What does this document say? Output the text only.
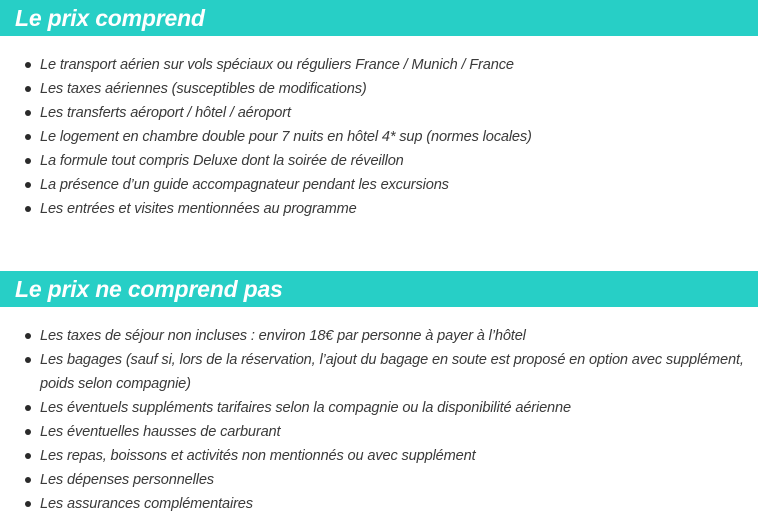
Le prix comprend
Le transport aérien sur vols spéciaux ou réguliers France / Munich / France
Les taxes aériennes (susceptibles de modifications)
Les transferts aéroport / hôtel / aéroport
Le logement en chambre double pour 7 nuits en hôtel 4* sup (normes locales)
La formule tout compris Deluxe dont la soirée de réveillon
La présence d’un guide accompagnateur pendant les excursions
Les entrées et visites mentionnées au programme
Le prix ne comprend pas
Les taxes de séjour non incluses : environ 18€ par personne à payer à l’hôtel
Les bagages (sauf si, lors de la réservation, l’ajout du bagage en soute est proposé en option avec supplément, poids selon compagnie)
Les éventuels suppléments tarifaires selon la compagnie ou la disponibilité aérienne
Les éventuelles hausses de carburant
Les repas, boissons et activités non mentionnés ou avec supplément
Les dépenses personnelles
Les assurances complémentaires
